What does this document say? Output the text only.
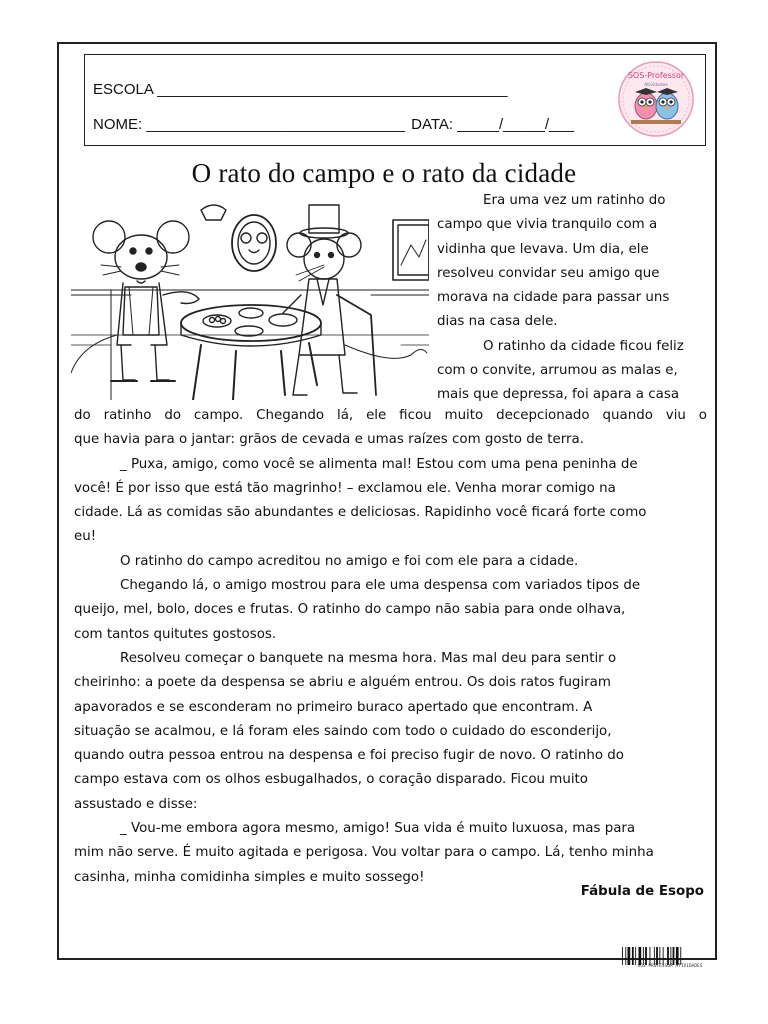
ESCOLA __________________________________________
NOME: _______________________________ DATA: _____/_____/___
SOS-Professor
Atividades
O rato do campo e o rato da cidade
Era uma vez um ratinho do
campo que vivia tranquilo com a
vidinha que levava. Um dia, ele
resolveu convidar seu amigo que
morava na cidade para passar uns
dias na casa dele.
O ratinho da cidade ficou feliz
com o convite, arrumou as malas e,
mais que depressa, foi apara a casa
do ratinho do campo. Chegando lá, ele ficou muito decepcionado quando viu o
que havia para o jantar: grãos de cevada e umas raízes com gosto de terra.
_ Puxa, amigo, como você se alimenta mal! Estou com uma pena peninha de
você! É por isso que está tão magrinho! – exclamou ele. Venha morar comigo na
cidade. Lá as comidas são abundantes e deliciosas. Rapidinho você ficará forte como
eu!
O ratinho do campo acreditou no amigo e foi com ele para a cidade.
Chegando lá, o amigo mostrou para ele uma despensa com variados tipos de
queijo, mel, bolo, doces e frutas. O ratinho do campo não sabia para onde olhava,
com tantos quitutes gostosos.
Resolveu começar o banquete na mesma hora. Mas mal deu para sentir o
cheirinho: a poete da despensa se abriu e alguém entrou. Os dois ratos fugiram
apavorados e se esconderam no primeiro buraco apertado que encontram. A
situação se acalmou, e lá foram eles saindo com todo o cuidado do esconderijo,
quando outra pessoa entrou na despensa e foi preciso fugir de novo. O ratinho do
campo estava com os olhos esbugalhados, o coração disparado. Ficou muito
assustado e disse:
_ Vou-me embora agora mesmo, amigo! Sua vida é muito luxuosa, mas para
mim não serve. É muito agitada e perigosa. Vou voltar para o campo. Lá, tenho minha
casinha, minha comidinha simples e muito sossego!
Fábula de Esopo
SOS PROFESSOR ATIVIDADES
